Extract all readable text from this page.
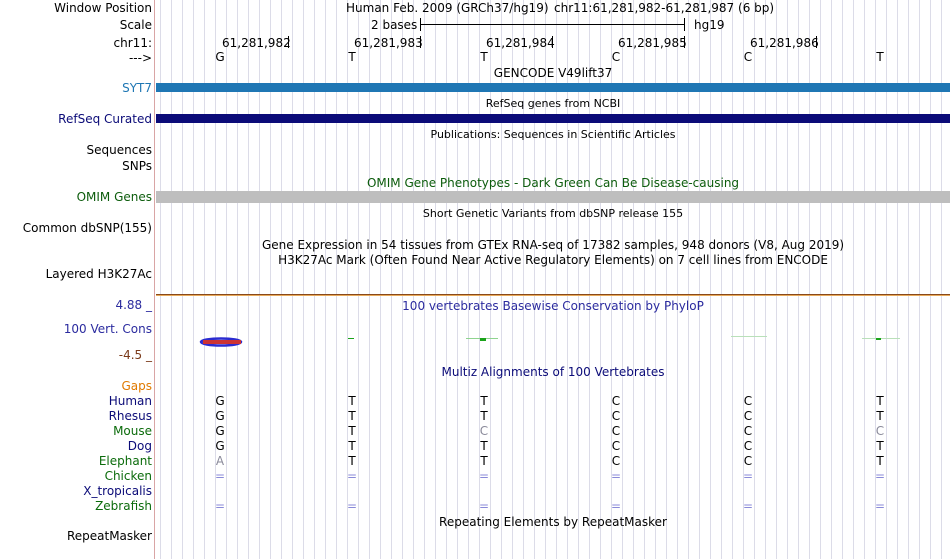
Window Position	Human Feb. 2009 (GRCh37/hg19) chr11:61,281,982-61,281,987 (6 bp)
Scale	2 bases	hg19
chr11:	61,281,982	61,281,983	61,281,984	61,281,985	61,281,986
--->	G	T	T	C	C	T
GENCODE V49lift37
SYT7
RefSeq genes from NCBI
RefSeq Curated
Publications: Sequences in Scientific Articles
Sequences
SNPs
OMIM Gene Phenotypes - Dark Green Can Be Disease-causing
OMIM Genes
Short Genetic Variants from dbSNP release 155
Common dbSNP(155)
Gene Expression in 54 tissues from GTEx RNA-seq of 17382 samples, 948 donors (V8, Aug 2019)
H3K27Ac Mark (Often Found Near Active Regulatory Elements) on 7 cell lines from ENCODE
Layered H3K27Ac
4.88 _	100 vertebrates Basewise Conservation by PhyloP
100 Vert. Cons
-4.5 _
Multiz Alignments of 100 Vertebrates
Gaps
Human	G	T	T	C	C	T
Rhesus	G	T	T	C	C	T
Mouse	G	T	C	C	C	C
Dog	G	T	T	C	C	T
Elephant	A	T	T	C	C	T
Chicken	=	=	=	=	=	=
X_tropicalis
Zebrafish	=	=	=	=	=	=
Repeating Elements by RepeatMasker
RepeatMasker
